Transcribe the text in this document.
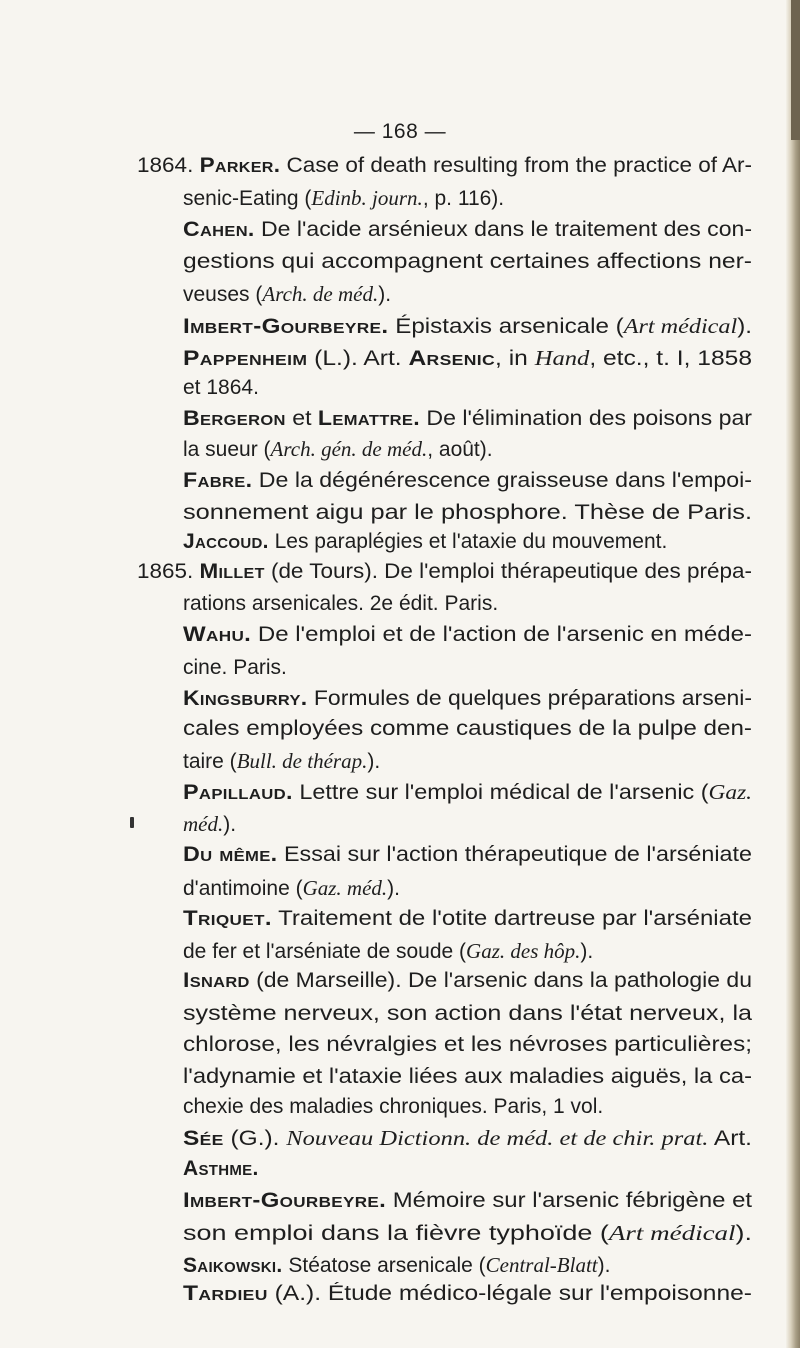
— 168 —
1864. Parker. Case of death resulting from the practice of Ar-
senic-Eating (Edinb. journ., p. 116).
Cahen. De l'acide arsénieux dans le traitement des con-
gestions qui accompagnent certaines affections ner-
veuses (Arch. de méd.).
Imbert-Gourbeyre. Épistaxis arsenicale (Art médical).
Pappenheim (L.). Art. Arsenic, in Hand, etc., t. I, 1858
et 1864.
Bergeron et Lemattre. De l'élimination des poisons par
la sueur (Arch. gén. de méd., août).
Fabre. De la dégénérescence graisseuse dans l'empoi-
sonnement aigu par le phosphore. Thèse de Paris.
Jaccoud. Les paraplégies et l'ataxie du mouvement.
1865. Millet (de Tours). De l'emploi thérapeutique des prépa-
rations arsenicales. 2e édit. Paris.
Wahu. De l'emploi et de l'action de l'arsenic en méde-
cine. Paris.
Kingsburry. Formules de quelques préparations arseni-
cales employées comme caustiques de la pulpe den-
taire (Bull. de thérap.).
Papillaud. Lettre sur l'emploi médical de l'arsenic (Gaz.
méd.).
Du même. Essai sur l'action thérapeutique de l'arséniate
d'antimoine (Gaz. méd.).
Triquet. Traitement de l'otite dartreuse par l'arséniate
de fer et l'arséniate de soude (Gaz. des hôp.).
Isnard (de Marseille). De l'arsenic dans la pathologie du
système nerveux, son action dans l'état nerveux, la
chlorose, les névralgies et les névroses particulières;
l'adynamie et l'ataxie liées aux maladies aiguës, la ca-
chexie des maladies chroniques. Paris, 1 vol.
Sée (G.). Nouveau Dictionn. de méd. et de chir. prat. Art.
Asthme.
Imbert-Gourbeyre. Mémoire sur l'arsenic fébrigène et
son emploi dans la fièvre typhoïde (Art médical).
Saikowski. Stéatose arsenicale (Central-Blatt).
Tardieu (A.). Étude médico-légale sur l'empoisonne-
